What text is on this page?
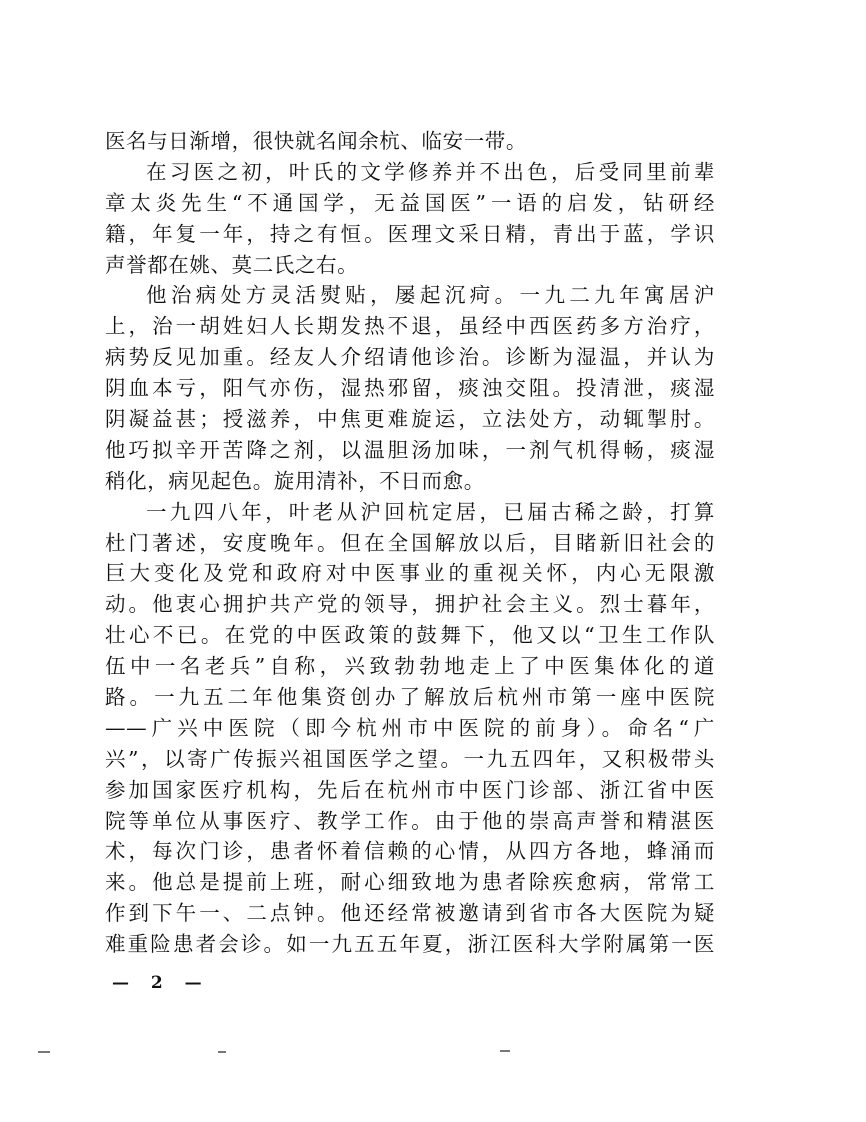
医名与日渐增，很快就名闻余杭、临安一带。
在习医之初，叶氏的文学修养并不出色，后受同里前辈
章太炎先生“不通国学，无益国医”一语的启发，钻研经
籍，年复一年，持之有恒。医理文采日精，青出于蓝，学识
声誉都在姚、莫二氏之右。
他治病处方灵活熨贴，屡起沉疴。一九二九年寓居沪
上，治一胡姓妇人长期发热不退，虽经中西医药多方治疗，
病势反见加重。经友人介绍请他诊治。诊断为湿温，并认为
阴血本亏，阳气亦伤，湿热邪留，痰浊交阻。投清泄，痰湿
阴凝益甚；授滋养，中焦更难旋运，立法处方，动辄掣肘。
他巧拟辛开苦降之剂，以温胆汤加味，一剂气机得畅，痰湿
稍化，病见起色。旋用清补，不日而愈。
一九四八年，叶老从沪回杭定居，已届古稀之龄，打算
杜门著述，安度晚年。但在全国解放以后，目睹新旧社会的
巨大变化及党和政府对中医事业的重视关怀，内心无限激
动。他衷心拥护共产党的领导，拥护社会主义。烈士暮年，
壮心不已。在党的中医政策的鼓舞下，他又以“卫生工作队
伍中一名老兵”自称，兴致勃勃地走上了中医集体化的道
路。一九五二年他集资创办了解放后杭州市第一座中医院
——广兴中医院（即今杭州市中医院的前身）。命名“广
兴”，以寄广传振兴祖国医学之望。一九五四年，又积极带头
参加国家医疗机构，先后在杭州市中医门诊部、浙江省中医
院等单位从事医疗、教学工作。由于他的崇高声誉和精湛医
术，每次门诊，患者怀着信赖的心情，从四方各地，蜂涌而
来。他总是提前上班，耐心细致地为患者除疾愈病，常常工
作到下午一、二点钟。他还经常被邀请到省市各大医院为疑
难重险患者会诊。如一九五五年夏，浙江医科大学附属第一医
— 2 —
